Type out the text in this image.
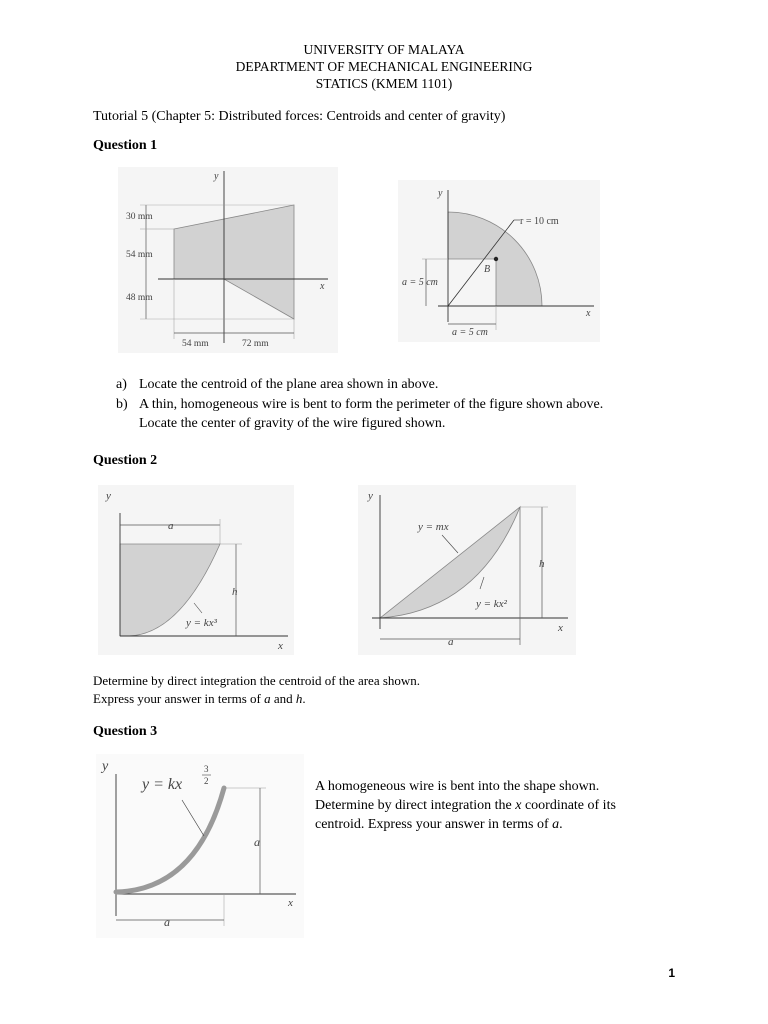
UNIVERSITY OF MALAYA
DEPARTMENT OF MECHANICAL ENGINEERING
STATICS (KMEM 1101)
Tutorial 5 (Chapter 5: Distributed forces: Centroids and center of gravity)
Question 1
y
x
30 mm
54 mm
48 mm
54 mm	72 mm
y
x
r = 10 cm
B
a = 5 cm
a = 5 cm
a) Locate the centroid of the plane area shown in above.
b) A thin, homogeneous wire is bent to form the perimeter of the figure shown above.
Locate the center of gravity of the wire figured shown.
Question 2
y
x
a
h
y = kx³
y
x
a
h
y = mx
y = kx²
Determine by direct integration the centroid of the area shown.
Express your answer in terms of a and h.
Question 3
y
x
y = kx
3
2
a
a
A homogeneous wire is bent into the shape shown.
Determine by direct integration the x coordinate of its
centroid. Express your answer in terms of a.
1
